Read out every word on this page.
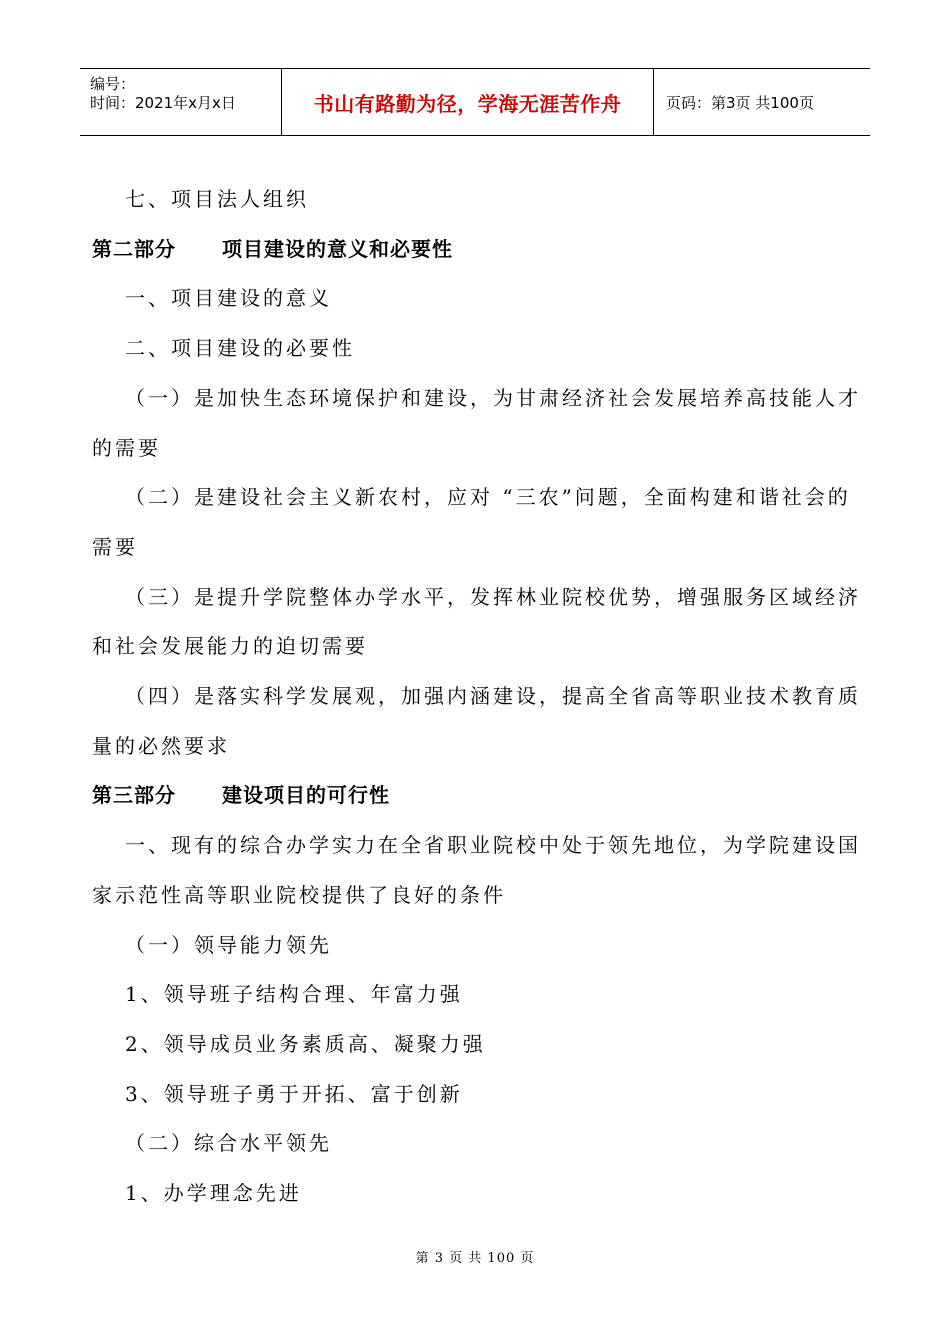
编号：
时间：2021年x月x日	书山有路勤为径，学海无涯苦作舟	页码：第3页 共100页

七、项目法人组织

第二部分 项目建设的意义和必要性

一、项目建设的意义

二、项目建设的必要性

（一）是加快生态环境保护和建设，为甘肃经济社会发展培养高技能人才

的需要

（二）是建设社会主义新农村，应对 “三农”问题，全面构建和谐社会的

需要

（三）是提升学院整体办学水平，发挥林业院校优势，增强服务区域经济

和社会发展能力的迫切需要

（四）是落实科学发展观，加强内涵建设，提高全省高等职业技术教育质

量的必然要求

第三部分 建设项目的可行性

一、现有的综合办学实力在全省职业院校中处于领先地位，为学院建设国

家示范性高等职业院校提供了良好的条件

（一）领导能力领先

1、领导班子结构合理、年富力强

2、领导成员业务素质高、凝聚力强

3、领导班子勇于开拓、富于创新

（二）综合水平领先

1、办学理念先进

第 3 页 共 100 页
